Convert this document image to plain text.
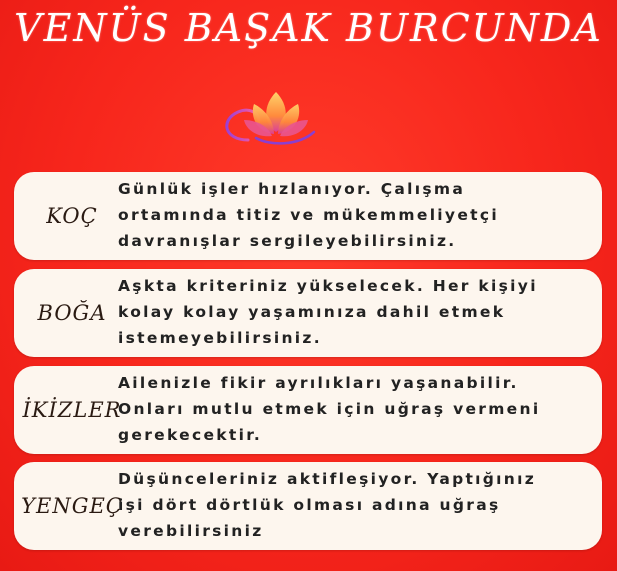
VENÜS BAŞAK BURCUNDA
KOÇ
Günlük işler hızlanıyor. Çalışma
ortamında titiz ve mükemmeliyetçi
davranışlar sergileyebilirsiniz.
BOĞA
Aşkta kriteriniz yükselecek. Her kişiyi
kolay kolay yaşamınıza dahil etmek
istemeyebilirsiniz.
İKİZLER
Ailenizle fikir ayrılıkları yaşanabilir.
Onları mutlu etmek için uğraş vermeni
gerekecektir.
YENGEÇ
Düşünceleriniz aktifleşiyor. Yaptığınız
işi dört dörtlük olması adına uğraş
verebilirsiniz
